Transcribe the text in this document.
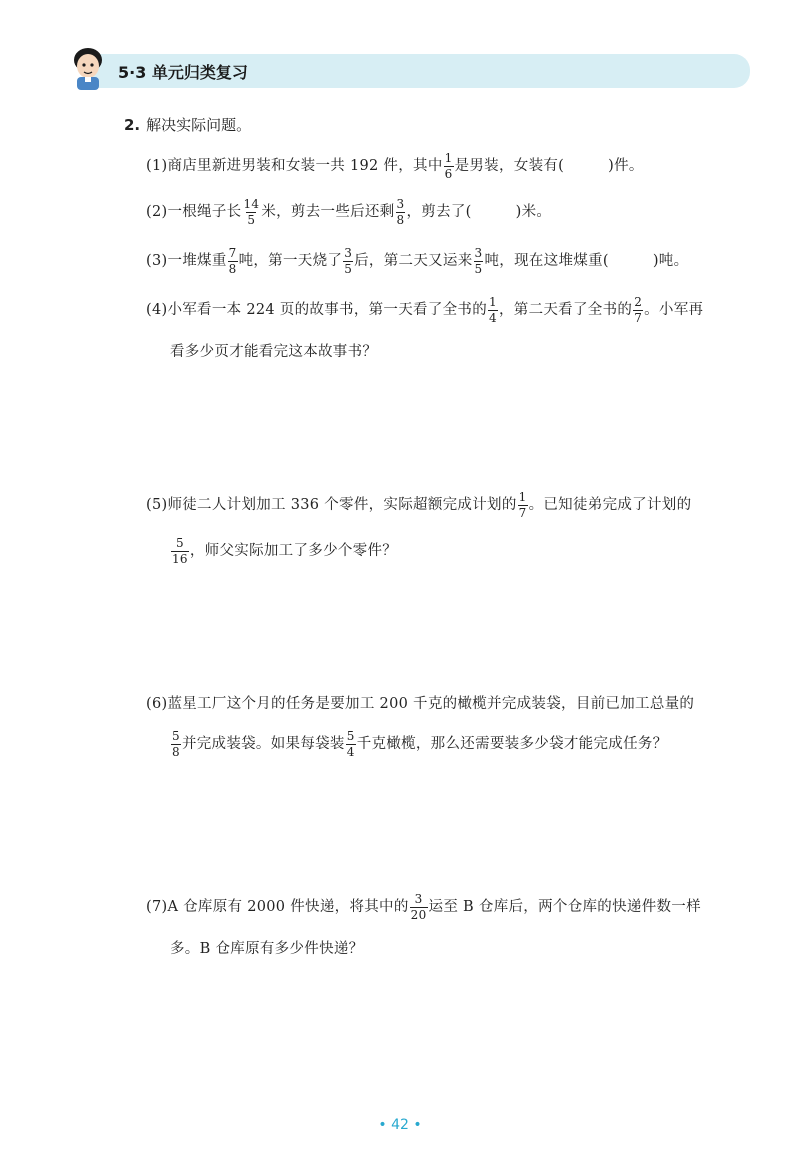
5·3 单元归类复习
2. 解决实际问题。
(1)商店里新进男装和女装一共 192 件，其中 $\frac{1}{6}$ 是男装，女装有(	)件。
(2)一根绳子长 $\frac{14}{5}$ 米，剪去一些后还剩 $\frac{3}{8}$ ，剪去了(	)米。
(3)一堆煤重 $\frac{7}{8}$ 吨，第一天烧了 $\frac{3}{5}$ 后，第二天又运来 $\frac{3}{5}$ 吨，现在这堆煤重(	)吨。
(4)小军看一本 224 页的故事书，第一天看了全书的 $\frac{1}{4}$ ，第二天看了全书的 $\frac{2}{7}$ 。小军再
看多少页才能看完这本故事书？
(5)师徒二人计划加工 336 个零件，实际超额完成计划的 $\frac{1}{7}$ 。已知徒弟完成了计划的
$\frac{5}{16}$ ，师父实际加工了多少个零件？
(6)蓝星工厂这个月的任务是要加工 200 千克的橄榄并完成装袋，目前已加工总量的
$\frac{5}{8}$ 并完成装袋。如果每袋装 $\frac{5}{4}$ 千克橄榄，那么还需要装多少袋才能完成任务？
(7)A 仓库原有 2000 件快递，将其中的 $\frac{3}{20}$ 运至 B 仓库后，两个仓库的快递件数一样
多。B 仓库原有多少件快递？
• 42 •
